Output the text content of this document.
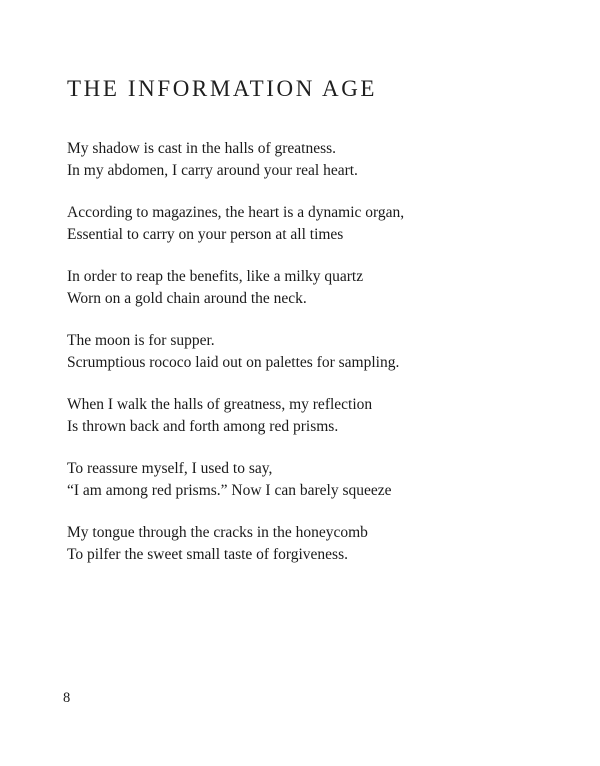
THE INFORMATION AGE

My shadow is cast in the halls of greatness.
In my abdomen, I carry around your real heart.

According to magazines, the heart is a dynamic organ,
Essential to carry on your person at all times

In order to reap the benefits, like a milky quartz
Worn on a gold chain around the neck.

The moon is for supper.
Scrumptious rococo laid out on palettes for sampling.

When I walk the halls of greatness, my reflection
Is thrown back and forth among red prisms.

To reassure myself, I used to say,
“I am among red prisms.” Now I can barely squeeze

My tongue through the cracks in the honeycomb
To pilfer the sweet small taste of forgiveness.

8
